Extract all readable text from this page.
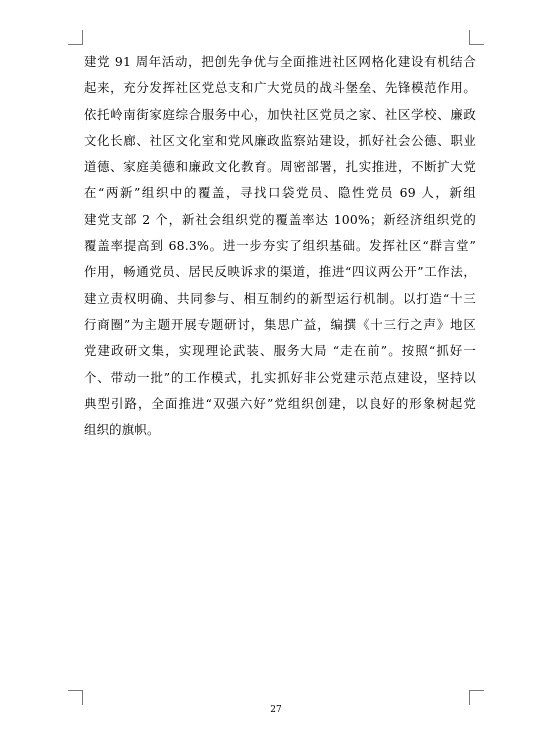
建党 91 周年活动，把创先争优与全面推进社区网格化建设有机结合
起来，充分发挥社区党总支和广大党员的战斗堡垒、先锋模范作用。
依托岭南街家庭综合服务中心，加快社区党员之家、社区学校、廉政
文化长廊、社区文化室和党风廉政监察站建设，抓好社会公德、职业
道德、家庭美德和廉政文化教育。周密部署，扎实推进，不断扩大党
在“两新”组织中的覆盖，寻找口袋党员、隐性党员 69 人，新组
建党支部 2 个，新社会组织党的覆盖率达 100%；新经济组织党的
覆盖率提高到 68.3%。进一步夯实了组织基础。发挥社区“群言堂”
作用，畅通党员、居民反映诉求的渠道，推进“四议两公开”工作法，
建立责权明确、共同参与、相互制约的新型运行机制。以打造“十三
行商圈”为主题开展专题研讨，集思广益，编撰《十三行之声》地区
党建政研文集，实现理论武装、服务大局 “走在前”。按照“抓好一
个、带动一批”的工作模式，扎实抓好非公党建示范点建设，坚持以
典型引路，全面推进“双强六好”党组织创建，以良好的形象树起党
组织的旗帜。
27
